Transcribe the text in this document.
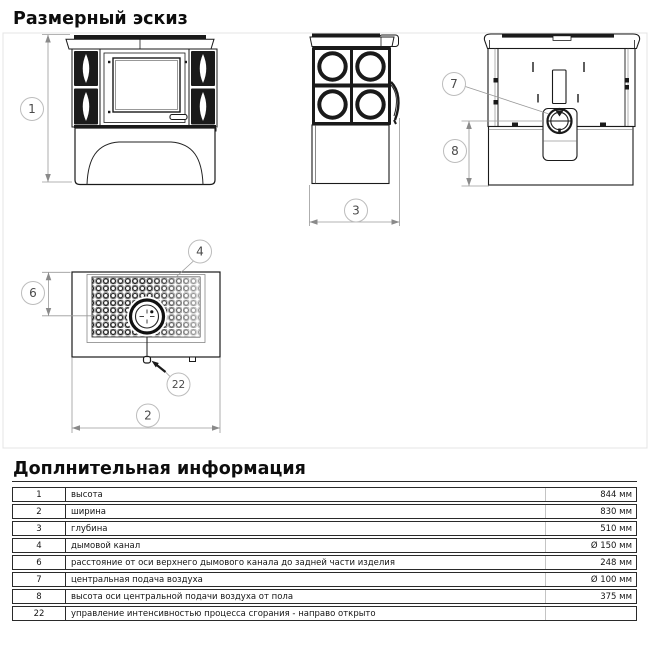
1
3
7
8
4
6
22
2
Размерный эскиз
Доплнительная информация
1	высота	844 мм
2	ширина	830 мм
3	глубина	510 мм
4	дымовой канал	Ø 150 мм
6	расстояние от оси верхнего дымового канала до задней части изделия	248 мм
7	центральная подача воздуха	Ø 100 мм
8	высота оси центральной подачи воздуха от пола	375 мм
22	управление интенсивностью процесса сгорания - направо открыто
